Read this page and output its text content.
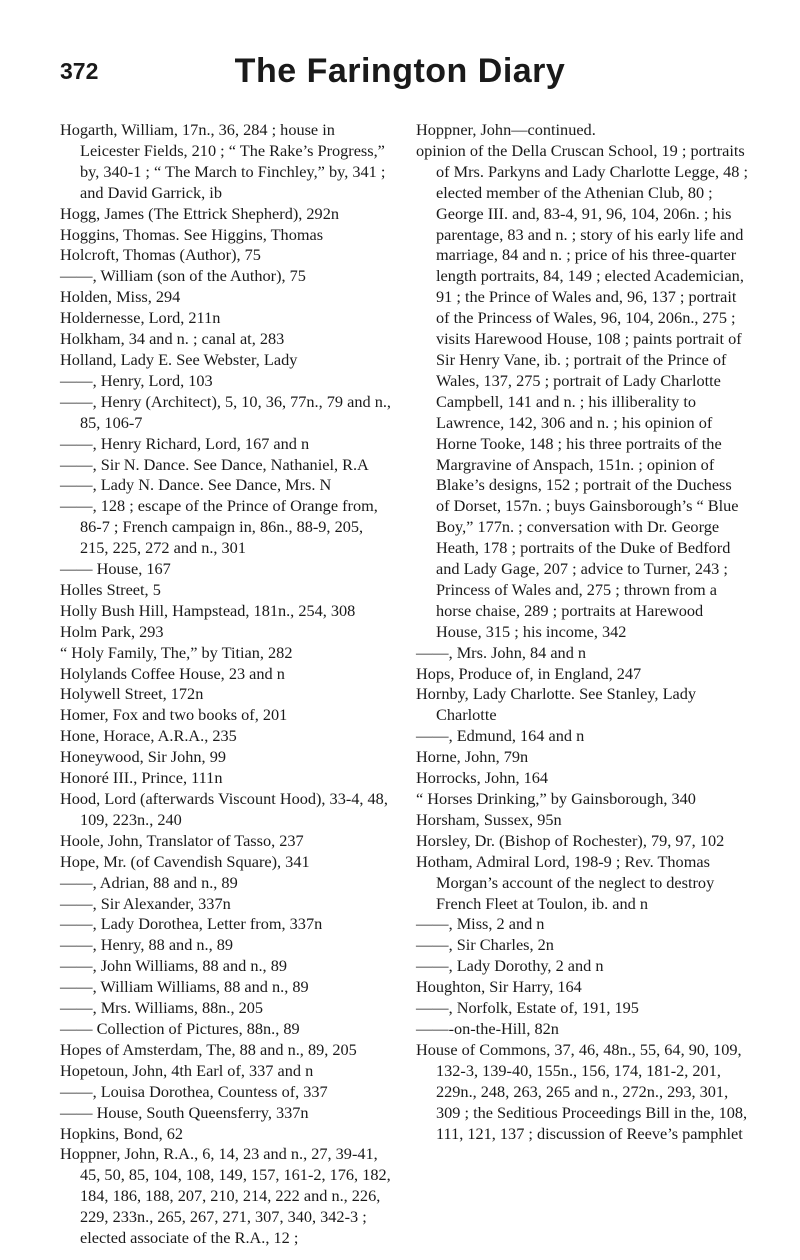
372	The Farington Diary

Hogarth, William, 17n., 36, 284 ; house in Leicester Fields, 210 ; “ The Rake’s Progress,” by, 340-1 ; “ The March to Finchley,” by, 341 ; and David Garrick, ib

Hogg, James (The Ettrick Shepherd), 292n

Hoggins, Thomas. See Higgins, Thomas

Holcroft, Thomas (Author), 75

——, William (son of the Author), 75

Holden, Miss, 294

Holdernesse, Lord, 211n

Holkham, 34 and n. ; canal at, 283

Holland, Lady E. See Webster, Lady

——, Henry, Lord, 103

——, Henry (Architect), 5, 10, 36, 77n., 79 and n., 85, 106-7

——, Henry Richard, Lord, 167 and n

——, Sir N. Dance. See Dance, Nathaniel, R.A

——, Lady N. Dance. See Dance, Mrs. N

——, 128 ; escape of the Prince of Orange from, 86-7 ; French campaign in, 86n., 88-9, 205, 215, 225, 272 and n., 301

—— House, 167

Holles Street, 5

Holly Bush Hill, Hampstead, 181n., 254, 308

Holm Park, 293

“ Holy Family, The,” by Titian, 282

Holylands Coffee House, 23 and n

Holywell Street, 172n

Homer, Fox and two books of, 201

Hone, Horace, A.R.A., 235

Honeywood, Sir John, 99

Honoré III., Prince, 111n

Hood, Lord (afterwards Viscount Hood), 33-4, 48, 109, 223n., 240

Hoole, John, Translator of Tasso, 237

Hope, Mr. (of Cavendish Square), 341

——, Adrian, 88 and n., 89

——, Sir Alexander, 337n

——, Lady Dorothea, Letter from, 337n

——, Henry, 88 and n., 89

——, John Williams, 88 and n., 89

——, William Williams, 88 and n., 89

——, Mrs. Williams, 88n., 205

—— Collection of Pictures, 88n., 89

Hopes of Amsterdam, The, 88 and n., 89, 205

Hopetoun, John, 4th Earl of, 337 and n

——, Louisa Dorothea, Countess of, 337

—— House, South Queensferry, 337n

Hopkins, Bond, 62

Hoppner, John, R.A., 6, 14, 23 and n., 27, 39-41, 45, 50, 85, 104, 108, 149, 157, 161-2, 176, 182, 184, 186, 188, 207, 210, 214, 222 and n., 226, 229, 233n., 265, 267, 271, 307, 340, 342-3 ; elected associate of the R.A., 12 ;

Hoppner, John—continued.

opinion of the Della Cruscan School, 19 ; portraits of Mrs. Parkyns and Lady Charlotte Legge, 48 ; elected member of the Athenian Club, 80 ; George III. and, 83-4, 91, 96, 104, 206n. ; his parentage, 83 and n. ; story of his early life and marriage, 84 and n. ; price of his three-quarter length portraits, 84, 149 ; elected Academician, 91 ; the Prince of Wales and, 96, 137 ; portrait of the Princess of Wales, 96, 104, 206n., 275 ; visits Harewood House, 108 ; paints portrait of Sir Henry Vane, ib. ; portrait of the Prince of Wales, 137, 275 ; portrait of Lady Charlotte Campbell, 141 and n. ; his illiberality to Lawrence, 142, 306 and n. ; his opinion of Horne Tooke, 148 ; his three portraits of the Margravine of Anspach, 151n. ; opinion of Blake’s designs, 152 ; portrait of the Duchess of Dorset, 157n. ; buys Gainsborough’s “ Blue Boy,” 177n. ; conversation with Dr. George Heath, 178 ; portraits of the Duke of Bedford and Lady Gage, 207 ; advice to Turner, 243 ; Princess of Wales and, 275 ; thrown from a horse chaise, 289 ; portraits at Harewood House, 315 ; his income, 342

——, Mrs. John, 84 and n

Hops, Produce of, in England, 247

Hornby, Lady Charlotte. See Stanley, Lady Charlotte

——, Edmund, 164 and n

Horne, John, 79n

Horrocks, John, 164

“ Horses Drinking,” by Gainsborough, 340

Horsham, Sussex, 95n

Horsley, Dr. (Bishop of Rochester), 79, 97, 102

Hotham, Admiral Lord, 198-9 ; Rev. Thomas Morgan’s account of the neglect to destroy French Fleet at Toulon, ib. and n

——, Miss, 2 and n

——, Sir Charles, 2n

——, Lady Dorothy, 2 and n

Houghton, Sir Harry, 164

——, Norfolk, Estate of, 191, 195

——-on-the-Hill, 82n

House of Commons, 37, 46, 48n., 55, 64, 90, 109, 132-3, 139-40, 155n., 156, 174, 181-2, 201, 229n., 248, 263, 265 and n., 272n., 293, 301, 309 ; the Seditious Proceedings Bill in the, 108, 111, 121, 137 ; discussion of Reeve’s pamphlet
